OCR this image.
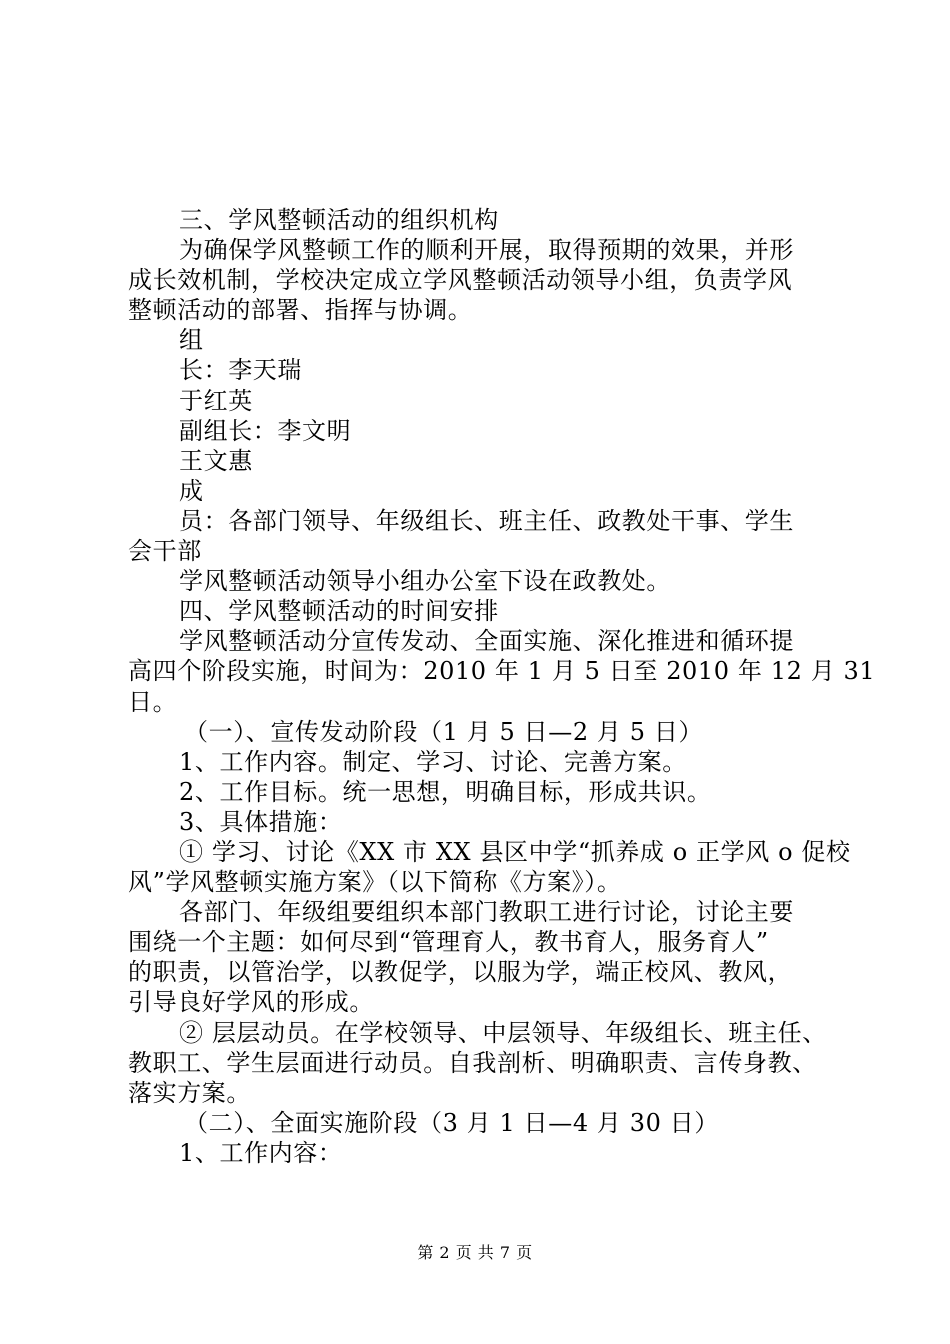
三、学风整顿活动的组织机构
为确保学风整顿工作的顺利开展，取得预期的效果，并形
成长效机制，学校决定成立学风整顿活动领导小组，负责学风
整顿活动的部署、指挥与协调。
组
长：李天瑞
于红英
副组长：李文明
王文惠
成
员：各部门领导、年级组长、班主任、政教处干事、学生
会干部
学风整顿活动领导小组办公室下设在政教处。
四、学风整顿活动的时间安排
学风整顿活动分宣传发动、全面实施、深化推进和循环提
高四个阶段实施，时间为：2010 年 1 月 5 日至 2010 年 12 月 31
日。
（一）、宣传发动阶段（1 月 5 日—2 月 5 日）
1、工作内容。制定、学习、讨论、完善方案。
2、工作目标。统一思想，明确目标，形成共识。
3、具体措施：
① 学习、讨论《XX 市 XX 县区中学“抓养成 o 正学风 o 促校
风”学风整顿实施方案》（以下简称《方案》）。
各部门、年级组要组织本部门教职工进行讨论，讨论主要
围绕一个主题：如何尽到“管理育人，教书育人，服务育人”
的职责，以管治学，以教促学，以服为学，端正校风、教风，
引导良好学风的形成。
② 层层动员。在学校领导、中层领导、年级组长、班主任、
教职工、学生层面进行动员。自我剖析、明确职责、言传身教、
落实方案。
（二）、全面实施阶段（3 月 1 日—4 月 30 日）
1、工作内容：
第 2 页 共 7 页
